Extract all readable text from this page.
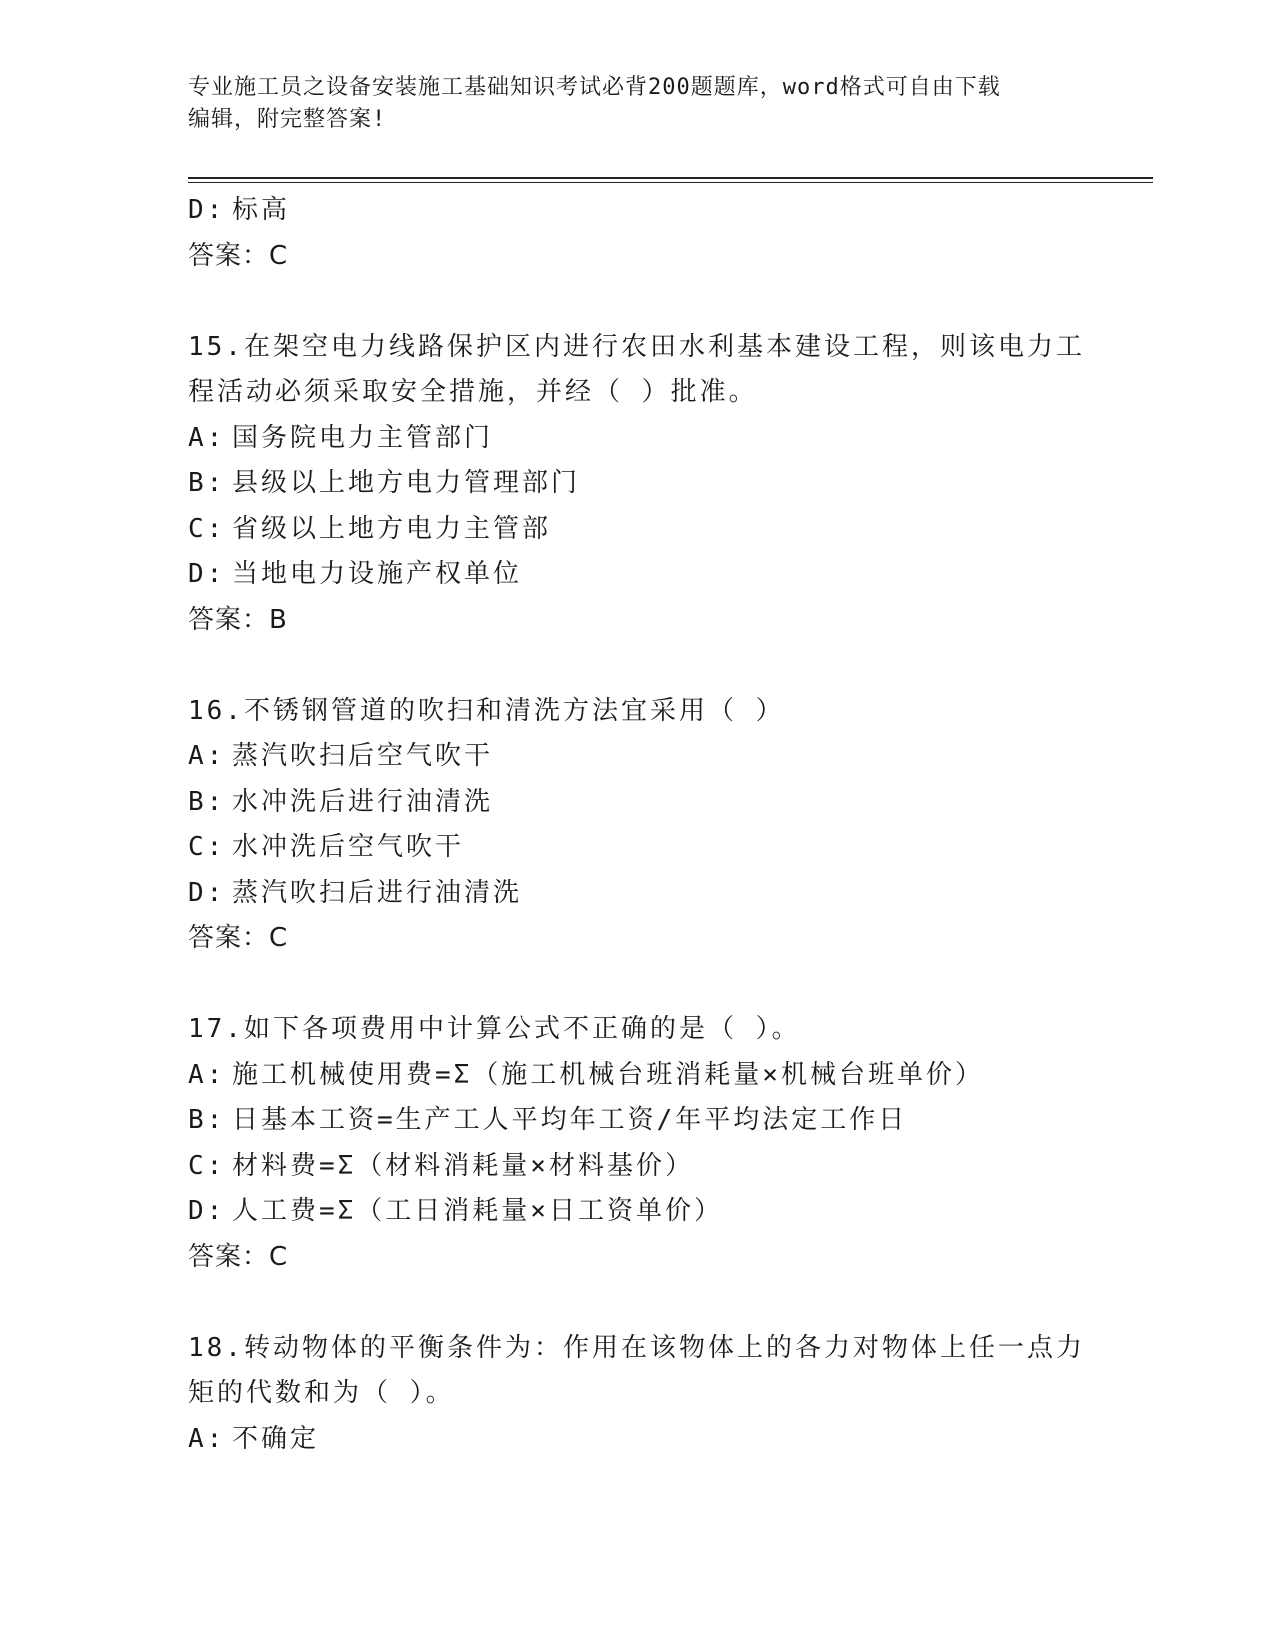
专业施工员之设备安装施工基础知识考试必背200题题库，word格式可自由下载
编辑，附完整答案!
D: 标高
答案：C
15.在架空电力线路保护区内进行农田水利基本建设工程，则该电力工
程活动必须采取安全措施，并经（ ）批准。
A: 国务院电力主管部门
B: 县级以上地方电力管理部门
C: 省级以上地方电力主管部
D: 当地电力设施产权单位
答案：B
16.不锈钢管道的吹扫和清洗方法宜采用（ ）
A: 蒸汽吹扫后空气吹干
B: 水冲洗后进行油清洗
C: 水冲洗后空气吹干
D: 蒸汽吹扫后进行油清洗
答案：C
17.如下各项费用中计算公式不正确的是（ ）。
A: 施工机械使用费=Σ（施工机械台班消耗量×机械台班单价）
B: 日基本工资=生产工人平均年工资/年平均法定工作日
C: 材料费=Σ（材料消耗量×材料基价）
D: 人工费=Σ（工日消耗量×日工资单价）
答案：C
18.转动物体的平衡条件为：作用在该物体上的各力对物体上任一点力
矩的代数和为（ ）。
A: 不确定
